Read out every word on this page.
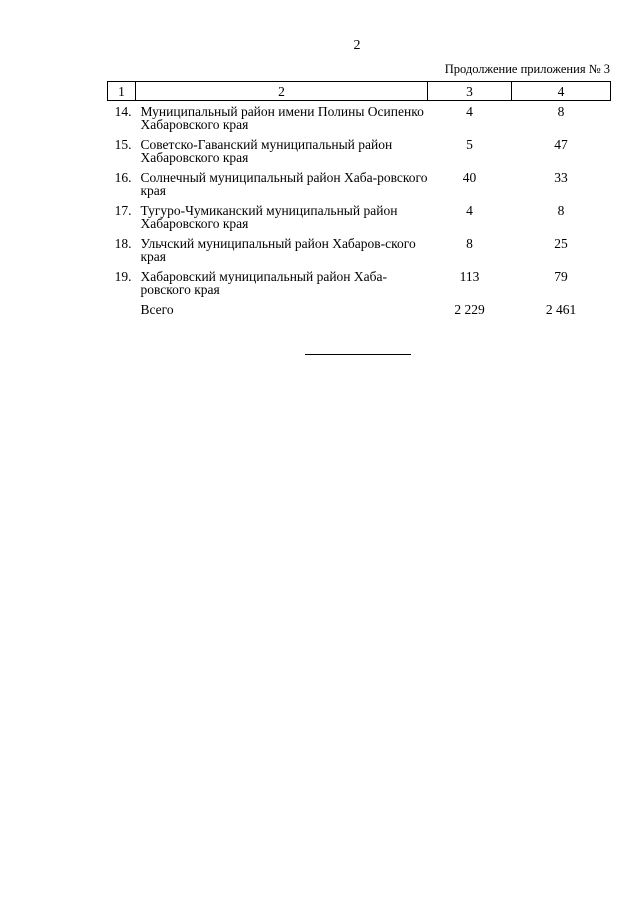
2
Продолжение приложения № 3
1	2	3	4
14.	Муниципальный район имени Полины Осипенко Хабаровского края	4	8
15.	Советско-Гаванский муниципальный район Хабаровского края	5	47
16.	Солнечный муниципальный район Хаба-ровского края	40	33
17.	Тугуро-Чумиканский муниципальный район Хабаровского края	4	8
18.	Ульчский муниципальный район Хабаров-ского края	8	25
19.	Хабаровский муниципальный район Хаба-ровского края	113	79
	Всего	2 229	2 461
